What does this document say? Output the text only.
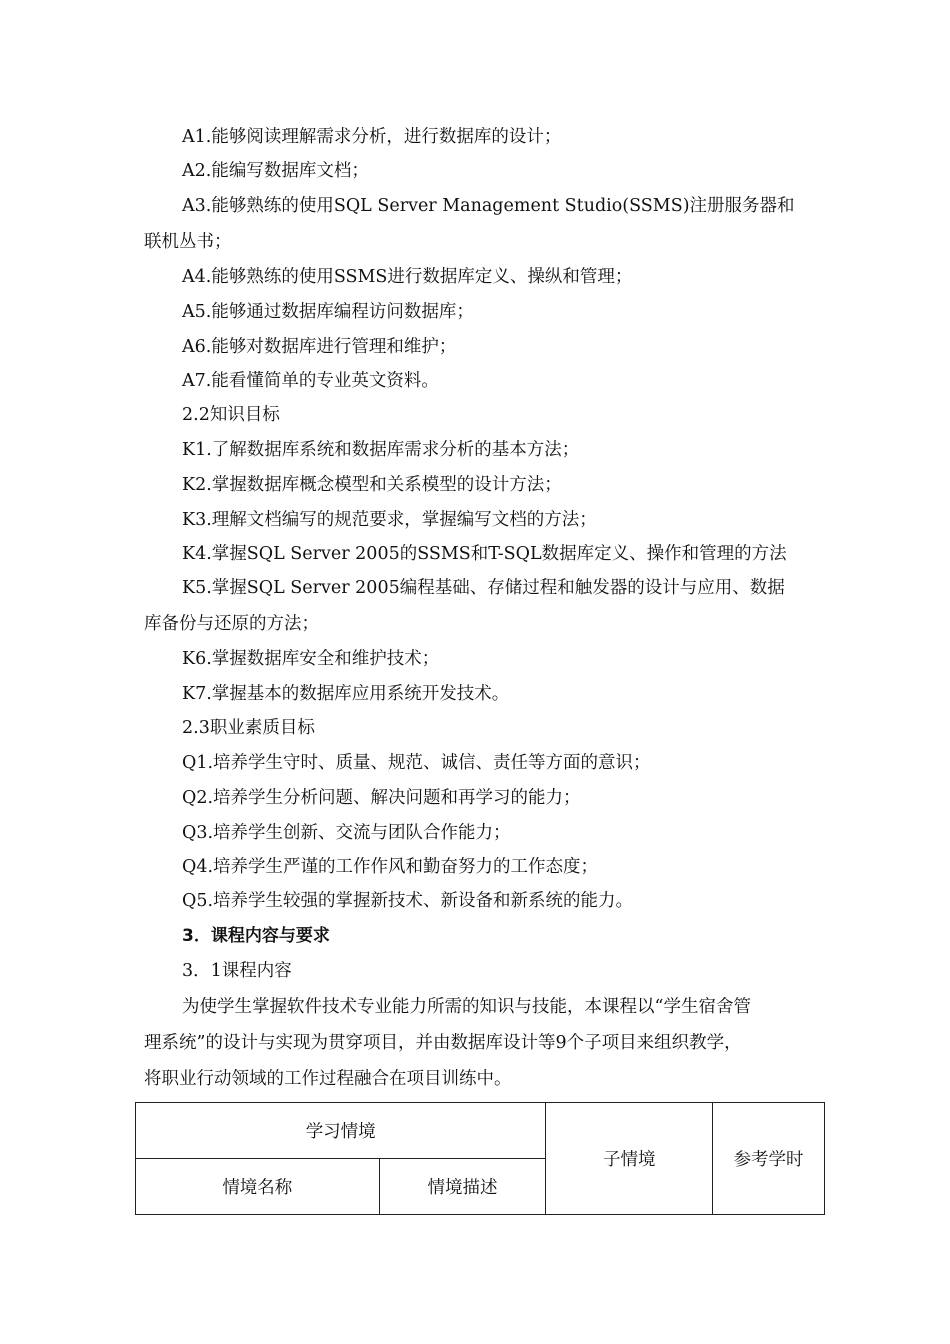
A1.能够阅读理解需求分析，进行数据库的设计；
A2.能编写数据库文档；
A3.能够熟练的使用SQL Server Management Studio(SSMS)注册服务器和
联机丛书；
A4.能够熟练的使用SSMS进行数据库定义、操纵和管理；
A5.能够通过数据库编程访问数据库；
A6.能够对数据库进行管理和维护；
A7.能看懂简单的专业英文资料。
2.2知识目标
K1.了解数据库系统和数据库需求分析的基本方法；
K2.掌握数据库概念模型和关系模型的设计方法；
K3.理解文档编写的规范要求，掌握编写文档的方法；
K4.掌握SQL Server 2005的SSMS和T-SQL数据库定义、操作和管理的方法
K5.掌握SQL Server 2005编程基础、存储过程和触发器的设计与应用、数据
库备份与还原的方法；
K6.掌握数据库安全和维护技术；
K7.掌握基本的数据库应用系统开发技术。
2.3职业素质目标
Q1.培养学生守时、质量、规范、诚信、责任等方面的意识；
Q2.培养学生分析问题、解决问题和再学习的能力；
Q3.培养学生创新、交流与团队合作能力；
Q4.培养学生严谨的工作作风和勤奋努力的工作态度；
Q5.培养学生较强的掌握新技术、新设备和新系统的能力。
3．课程内容与要求
3．1课程内容
为使学生掌握软件技术专业能力所需的知识与技能，本课程以“学生宿舍管
理系统”的设计与实现为贯穿项目，并由数据库设计等9个子项目来组织教学，
将职业行动领域的工作过程融合在项目训练中。
学习情境		子情境	参考学时
情境名称	情境描述		
